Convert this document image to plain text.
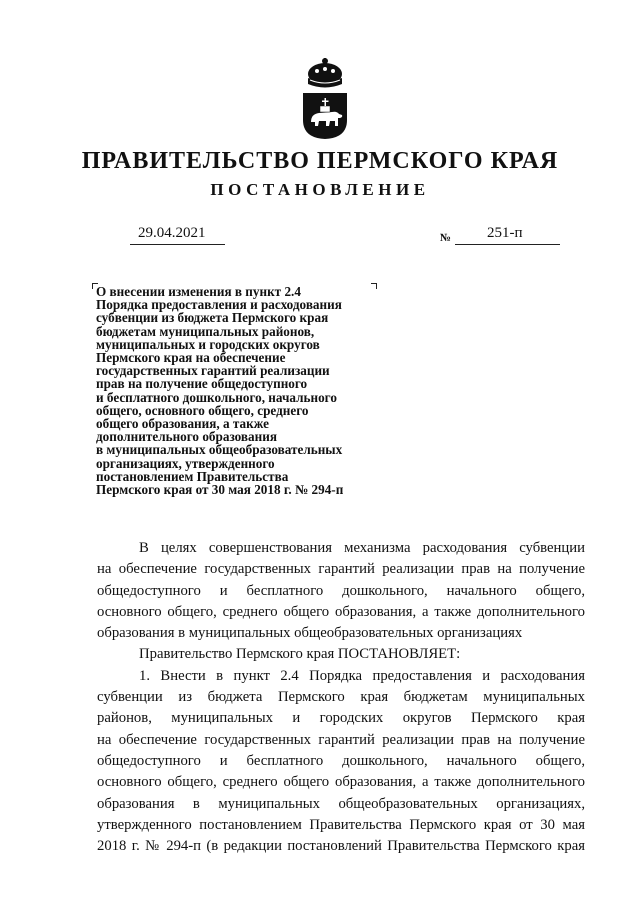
ПРАВИТЕЛЬСТВО ПЕРМСКОГО КРАЯ
ПОСТАНОВЛЕНИЕ
29.04.2021	№ 251-п
О внесении изменения в пункт 2.4
Порядка предоставления и расходования
субвенции из бюджета Пермского края
бюджетам муниципальных районов,
муниципальных и городских округов
Пермского края на обеспечение
государственных гарантий реализации
прав на получение общедоступного
и бесплатного дошкольного, начального
общего, основного общего, среднего
общего образования, а также
дополнительного образования
в муниципальных общеобразовательных
организациях, утвержденного
постановлением Правительства
Пермского края от 30 мая 2018 г. № 294-п
В целях совершенствования механизма расходования субвенции
на обеспечение государственных гарантий реализации прав на получение
общедоступного и бесплатного дошкольного, начального общего,
основного общего, среднего общего образования, а также дополнительного
образования в муниципальных общеобразовательных организациях
Правительство Пермского края ПОСТАНОВЛЯЕТ:
1. Внести в пункт 2.4 Порядка предоставления и расходования
субвенции из бюджета Пермского края бюджетам муниципальных
районов, муниципальных и городских округов Пермского края
на обеспечение государственных гарантий реализации прав на получение
общедоступного и бесплатного дошкольного, начального общего,
основного общего, среднего общего образования, а также дополнительного
образования в муниципальных общеобразовательных организациях,
утвержденного постановлением Правительства Пермского края от 30 мая
2018 г. № 294-п (в редакции постановлений Правительства Пермского края
